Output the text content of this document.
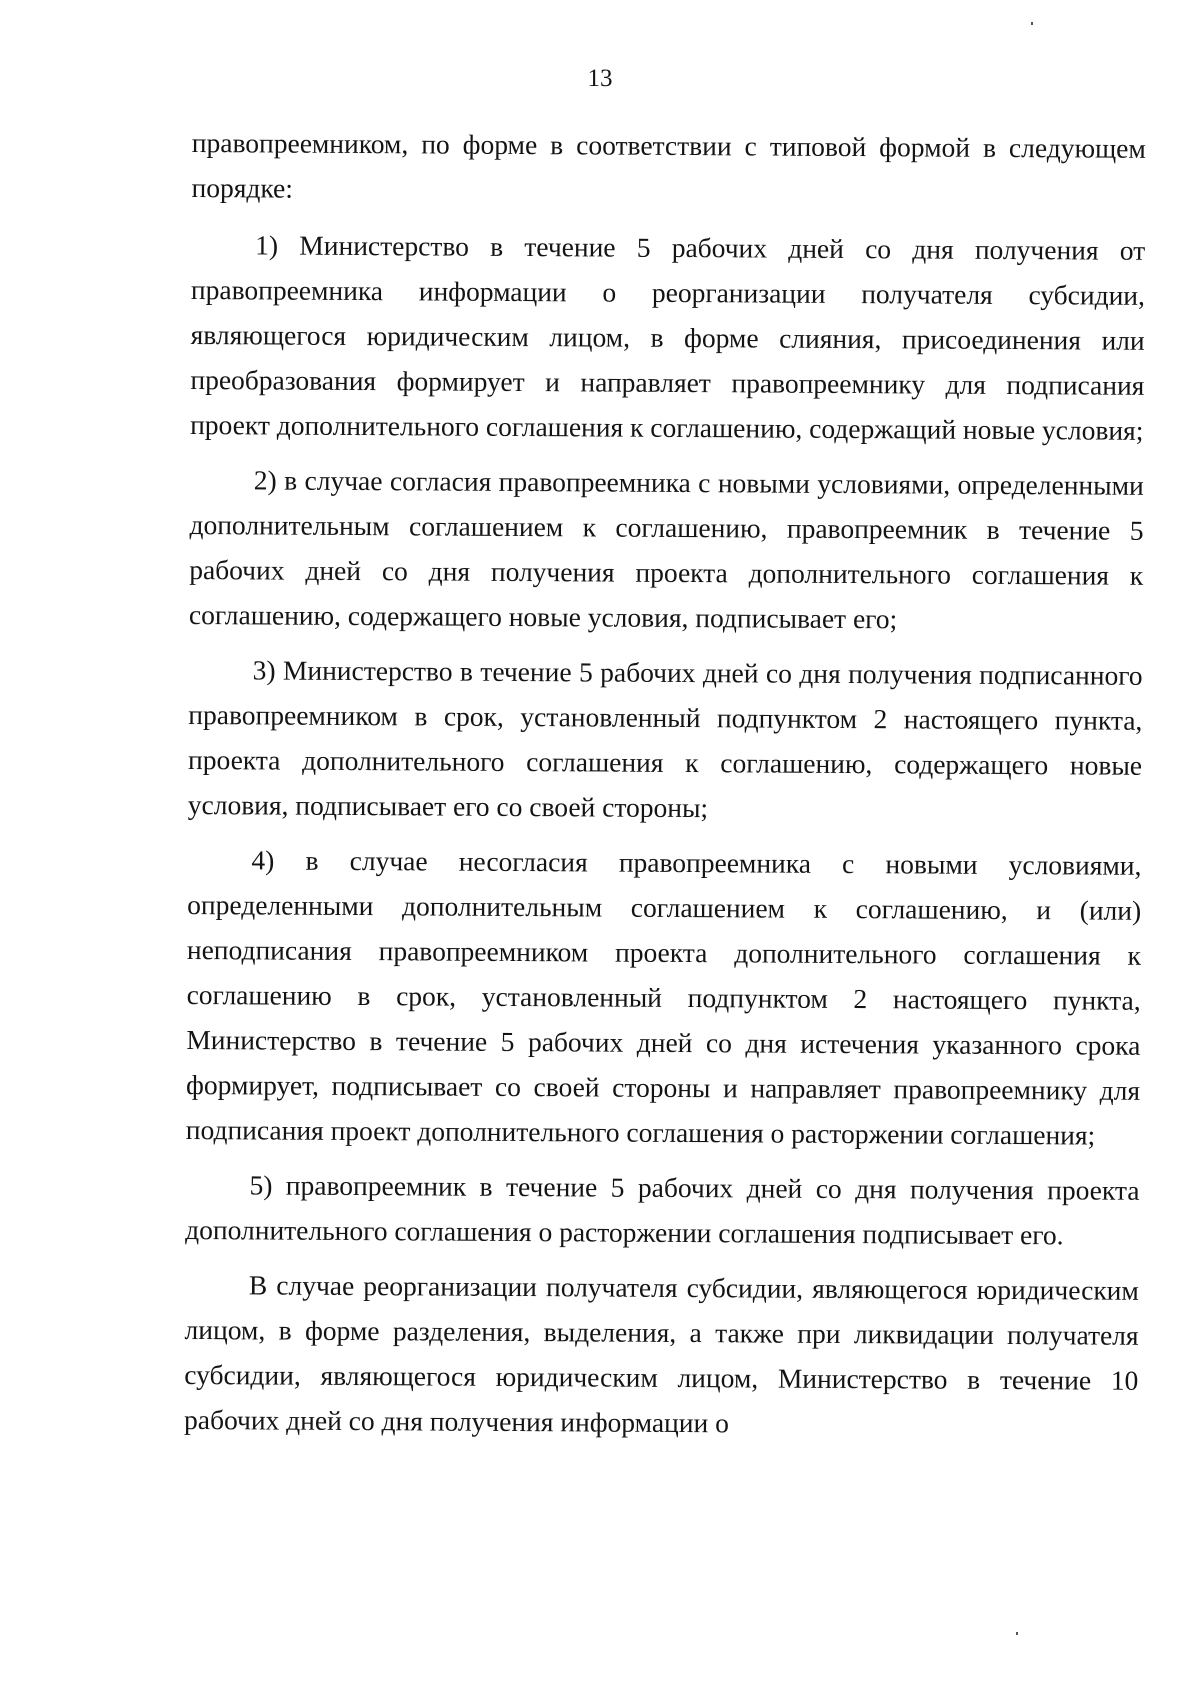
13

правопреемником, по форме в соответствии с типовой формой в следующем порядке:

1) Министерство в течение 5 рабочих дней со дня получения от правопреемника информации о реорганизации получателя субсидии, являющегося юридическим лицом, в форме слияния, присоединения или преобразования формирует и направляет правопреемнику для подписания проект дополнительного соглашения к соглашению, содержащий новые условия;

2) в случае согласия правопреемника с новыми условиями, определенными дополнительным соглашением к соглашению, правопреемник в течение 5 рабочих дней со дня получения проекта дополнительного соглашения к соглашению, содержащего новые условия, подписывает его;

3) Министерство в течение 5 рабочих дней со дня получения подписанного правопреемником в срок, установленный подпунктом 2 настоящего пункта, проекта дополнительного соглашения к соглашению, содержащего новые условия, подписывает его со своей стороны;

4) в случае несогласия правопреемника с новыми условиями, определенными дополнительным соглашением к соглашению, и (или) неподписания правопреемником проекта дополнительного соглашения к соглашению в срок, установленный подпунктом 2 настоящего пункта, Министерство в течение 5 рабочих дней со дня истечения указанного срока формирует, подписывает со своей стороны и направляет правопреемнику для подписания проект дополнительного соглашения о расторжении соглашения;

5) правопреемник в течение 5 рабочих дней со дня получения проекта дополнительного соглашения о расторжении соглашения подписывает его.

В случае реорганизации получателя субсидии, являющегося юридическим лицом, в форме разделения, выделения, а также при ликвидации получателя субсидии, являющегося юридическим лицом, Министерство в течение 10 рабочих дней со дня получения информации о
